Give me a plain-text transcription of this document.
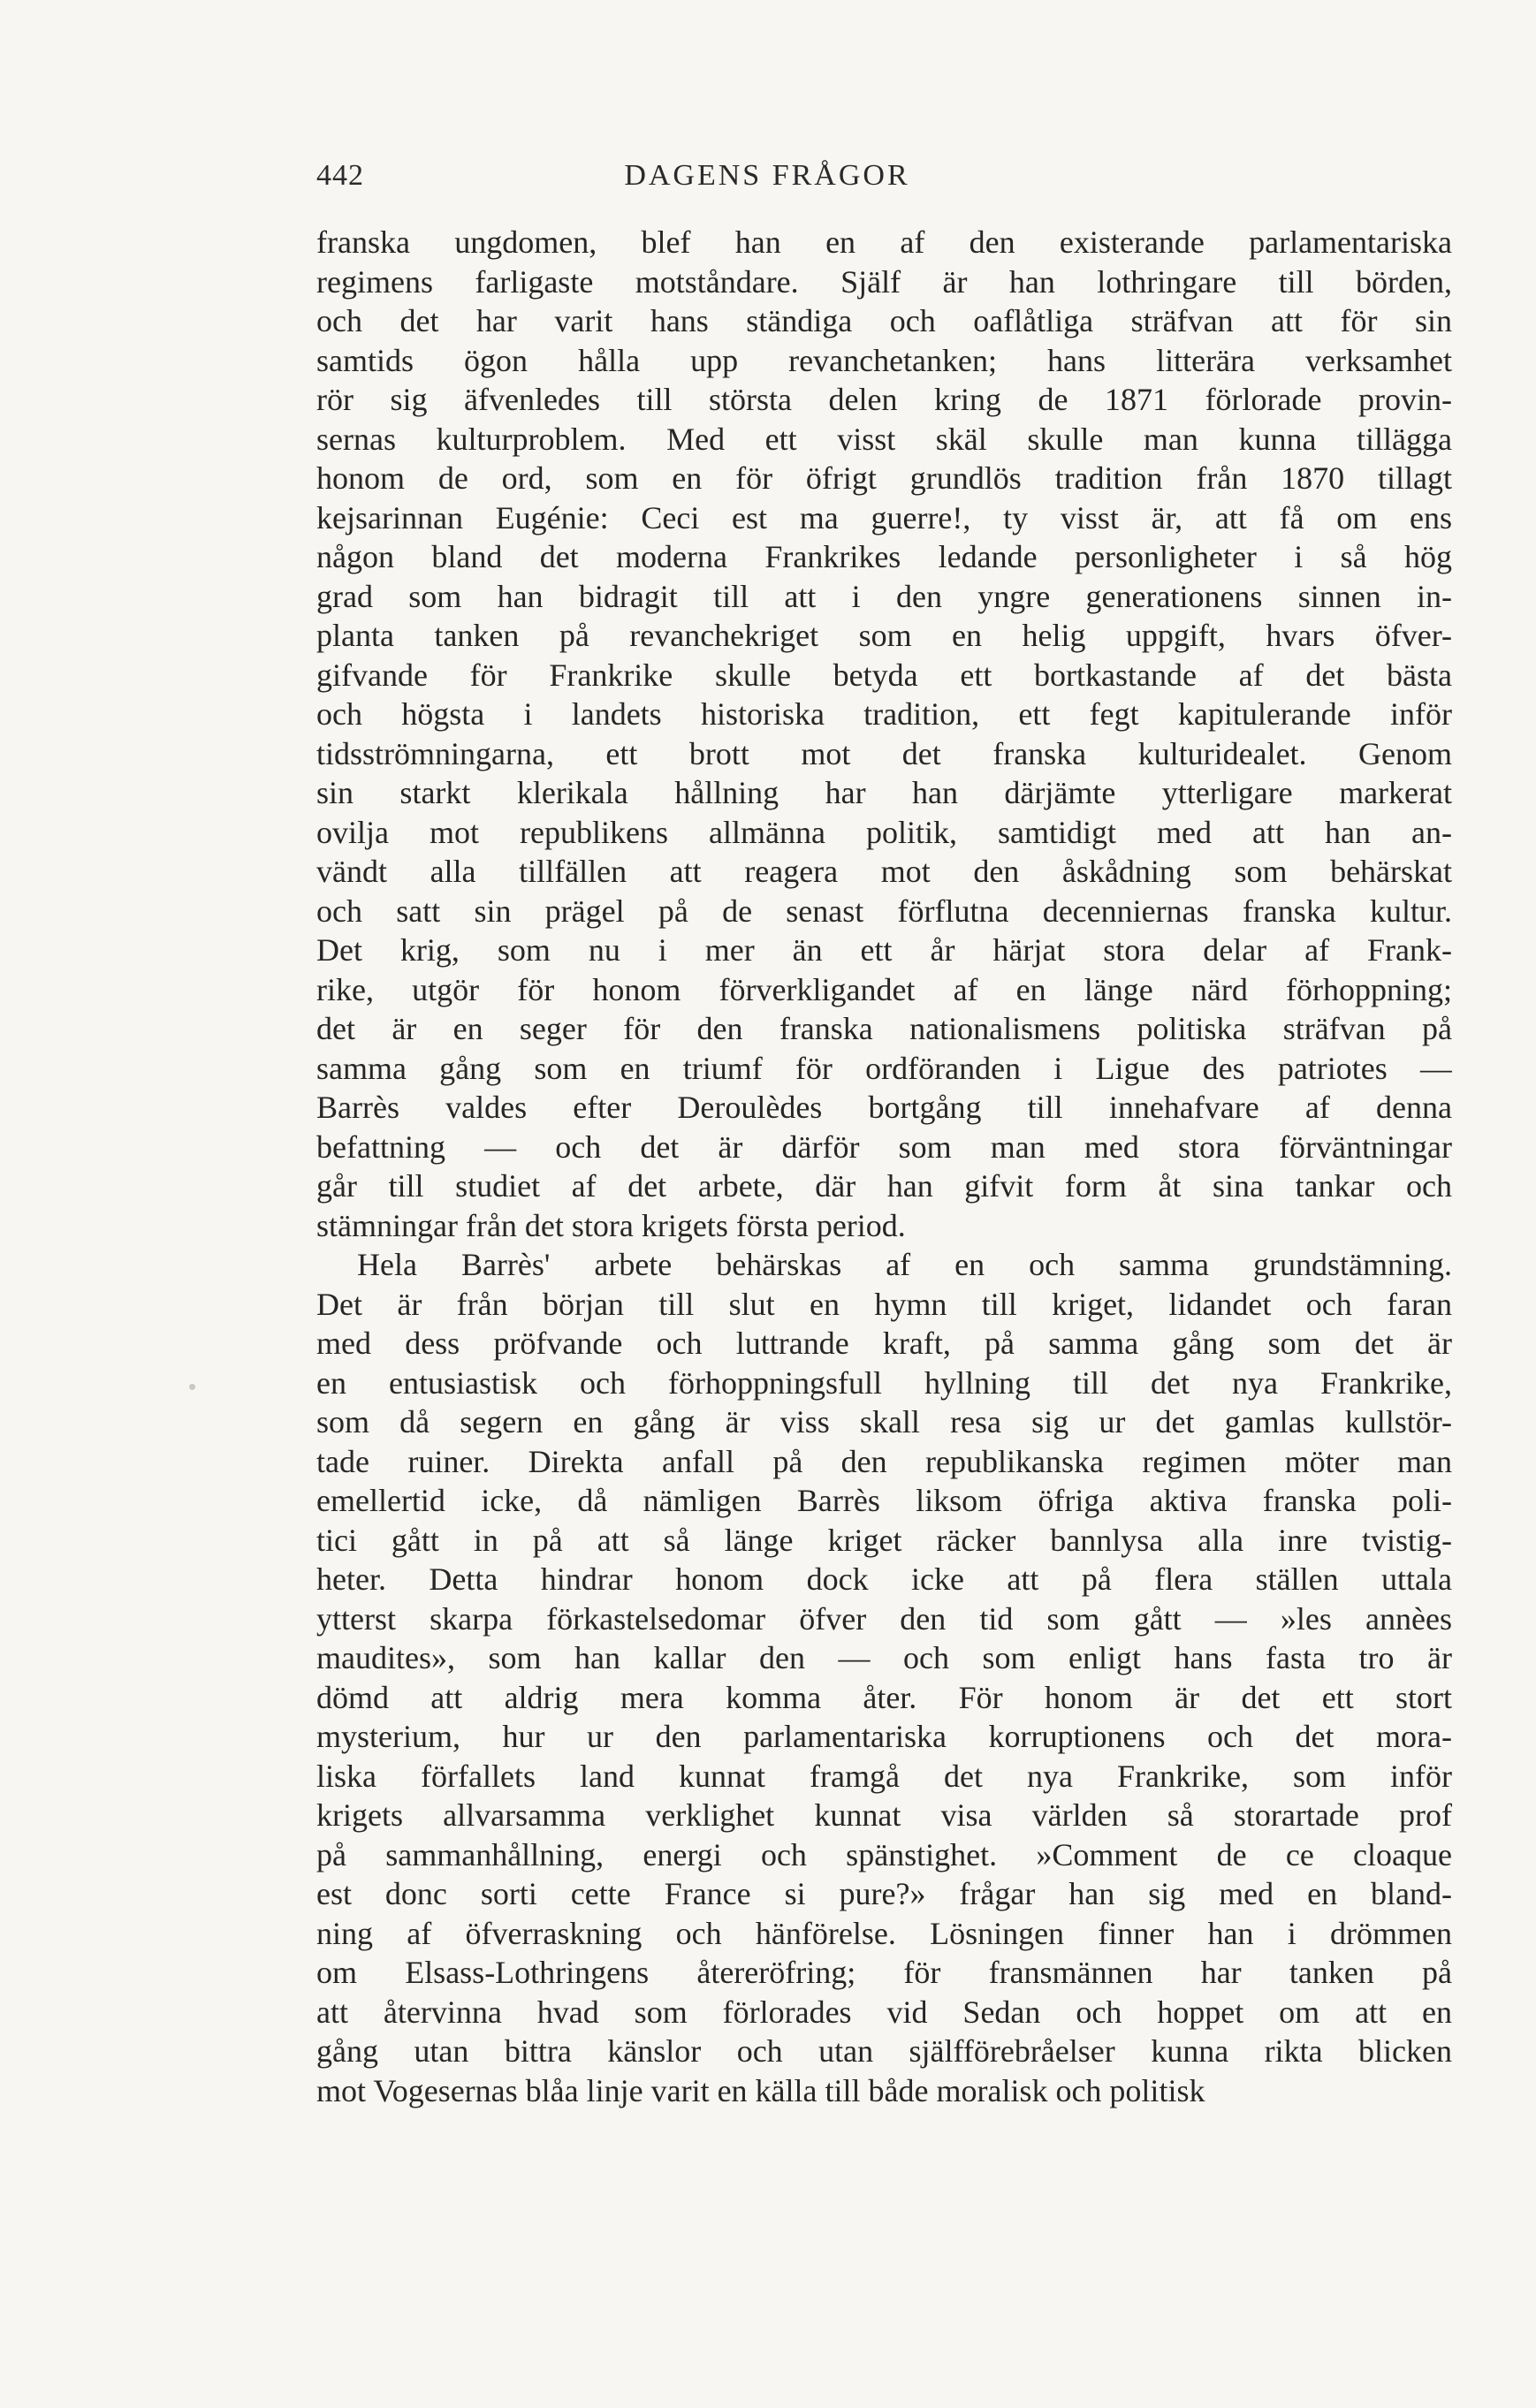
442	DAGENS FRÅGOR
franska ungdomen, blef han en af den existerande parlamentariska
regimens farligaste motståndare. Själf är han lothringare till börden,
och det har varit hans ständiga och oaflåtliga sträfvan att för sin
samtids ögon hålla upp revanchetanken; hans litterära verksamhet
rör sig äfvenledes till största delen kring de 1871 förlorade provin-
sernas kulturproblem. Med ett visst skäl skulle man kunna tillägga
honom de ord, som en för öfrigt grundlös tradition från 1870 tillagt
kejsarinnan Eugénie: Ceci est ma guerre!, ty visst är, att få om ens
någon bland det moderna Frankrikes ledande personligheter i så hög
grad som han bidragit till att i den yngre generationens sinnen in-
planta tanken på revanchekriget som en helig uppgift, hvars öfver-
gifvande för Frankrike skulle betyda ett bortkastande af det bästa
och högsta i landets historiska tradition, ett fegt kapitulerande inför
tidsströmningarna, ett brott mot det franska kulturidealet. Genom
sin starkt klerikala hållning har han därjämte ytterligare markerat
ovilja mot republikens allmänna politik, samtidigt med att han an-
vändt alla tillfällen att reagera mot den åskådning som behärskat
och satt sin prägel på de senast förflutna decenniernas franska kultur.
Det krig, som nu i mer än ett år härjat stora delar af Frank-
rike, utgör för honom förverkligandet af en länge närd förhoppning;
det är en seger för den franska nationalismens politiska sträfvan på
samma gång som en triumf för ordföranden i Ligue des patriotes —
Barrès valdes efter Deroulèdes bortgång till innehafvare af denna
befattning — och det är därför som man med stora förväntningar
går till studiet af det arbete, där han gifvit form åt sina tankar och
stämningar från det stora krigets första period.
Hela Barrès' arbete behärskas af en och samma grundstämning.
Det är från början till slut en hymn till kriget, lidandet och faran
med dess pröfvande och luttrande kraft, på samma gång som det är
en entusiastisk och förhoppningsfull hyllning till det nya Frankrike,
som då segern en gång är viss skall resa sig ur det gamlas kullstör-
tade ruiner. Direkta anfall på den republikanska regimen möter man
emellertid icke, då nämligen Barrès liksom öfriga aktiva franska poli-
tici gått in på att så länge kriget räcker bannlysa alla inre tvistig-
heter. Detta hindrar honom dock icke att på flera ställen uttala
ytterst skarpa förkastelsedomar öfver den tid som gått — »les annèes
maudites», som han kallar den — och som enligt hans fasta tro är
dömd att aldrig mera komma åter. För honom är det ett stort
mysterium, hur ur den parlamentariska korruptionens och det mora-
liska förfallets land kunnat framgå det nya Frankrike, som inför
krigets allvarsamma verklighet kunnat visa världen så storartade prof
på sammanhållning, energi och spänstighet. »Comment de ce cloaque
est donc sorti cette France si pure?» frågar han sig med en bland-
ning af öfverraskning och hänförelse. Lösningen finner han i drömmen
om Elsass-Lothringens återeröfring; för fransmännen har tanken på
att återvinna hvad som förlorades vid Sedan och hoppet om att en
gång utan bittra känslor och utan själfförebråelser kunna rikta blicken
mot Vogesernas blåa linje varit en källa till både moralisk och politisk
